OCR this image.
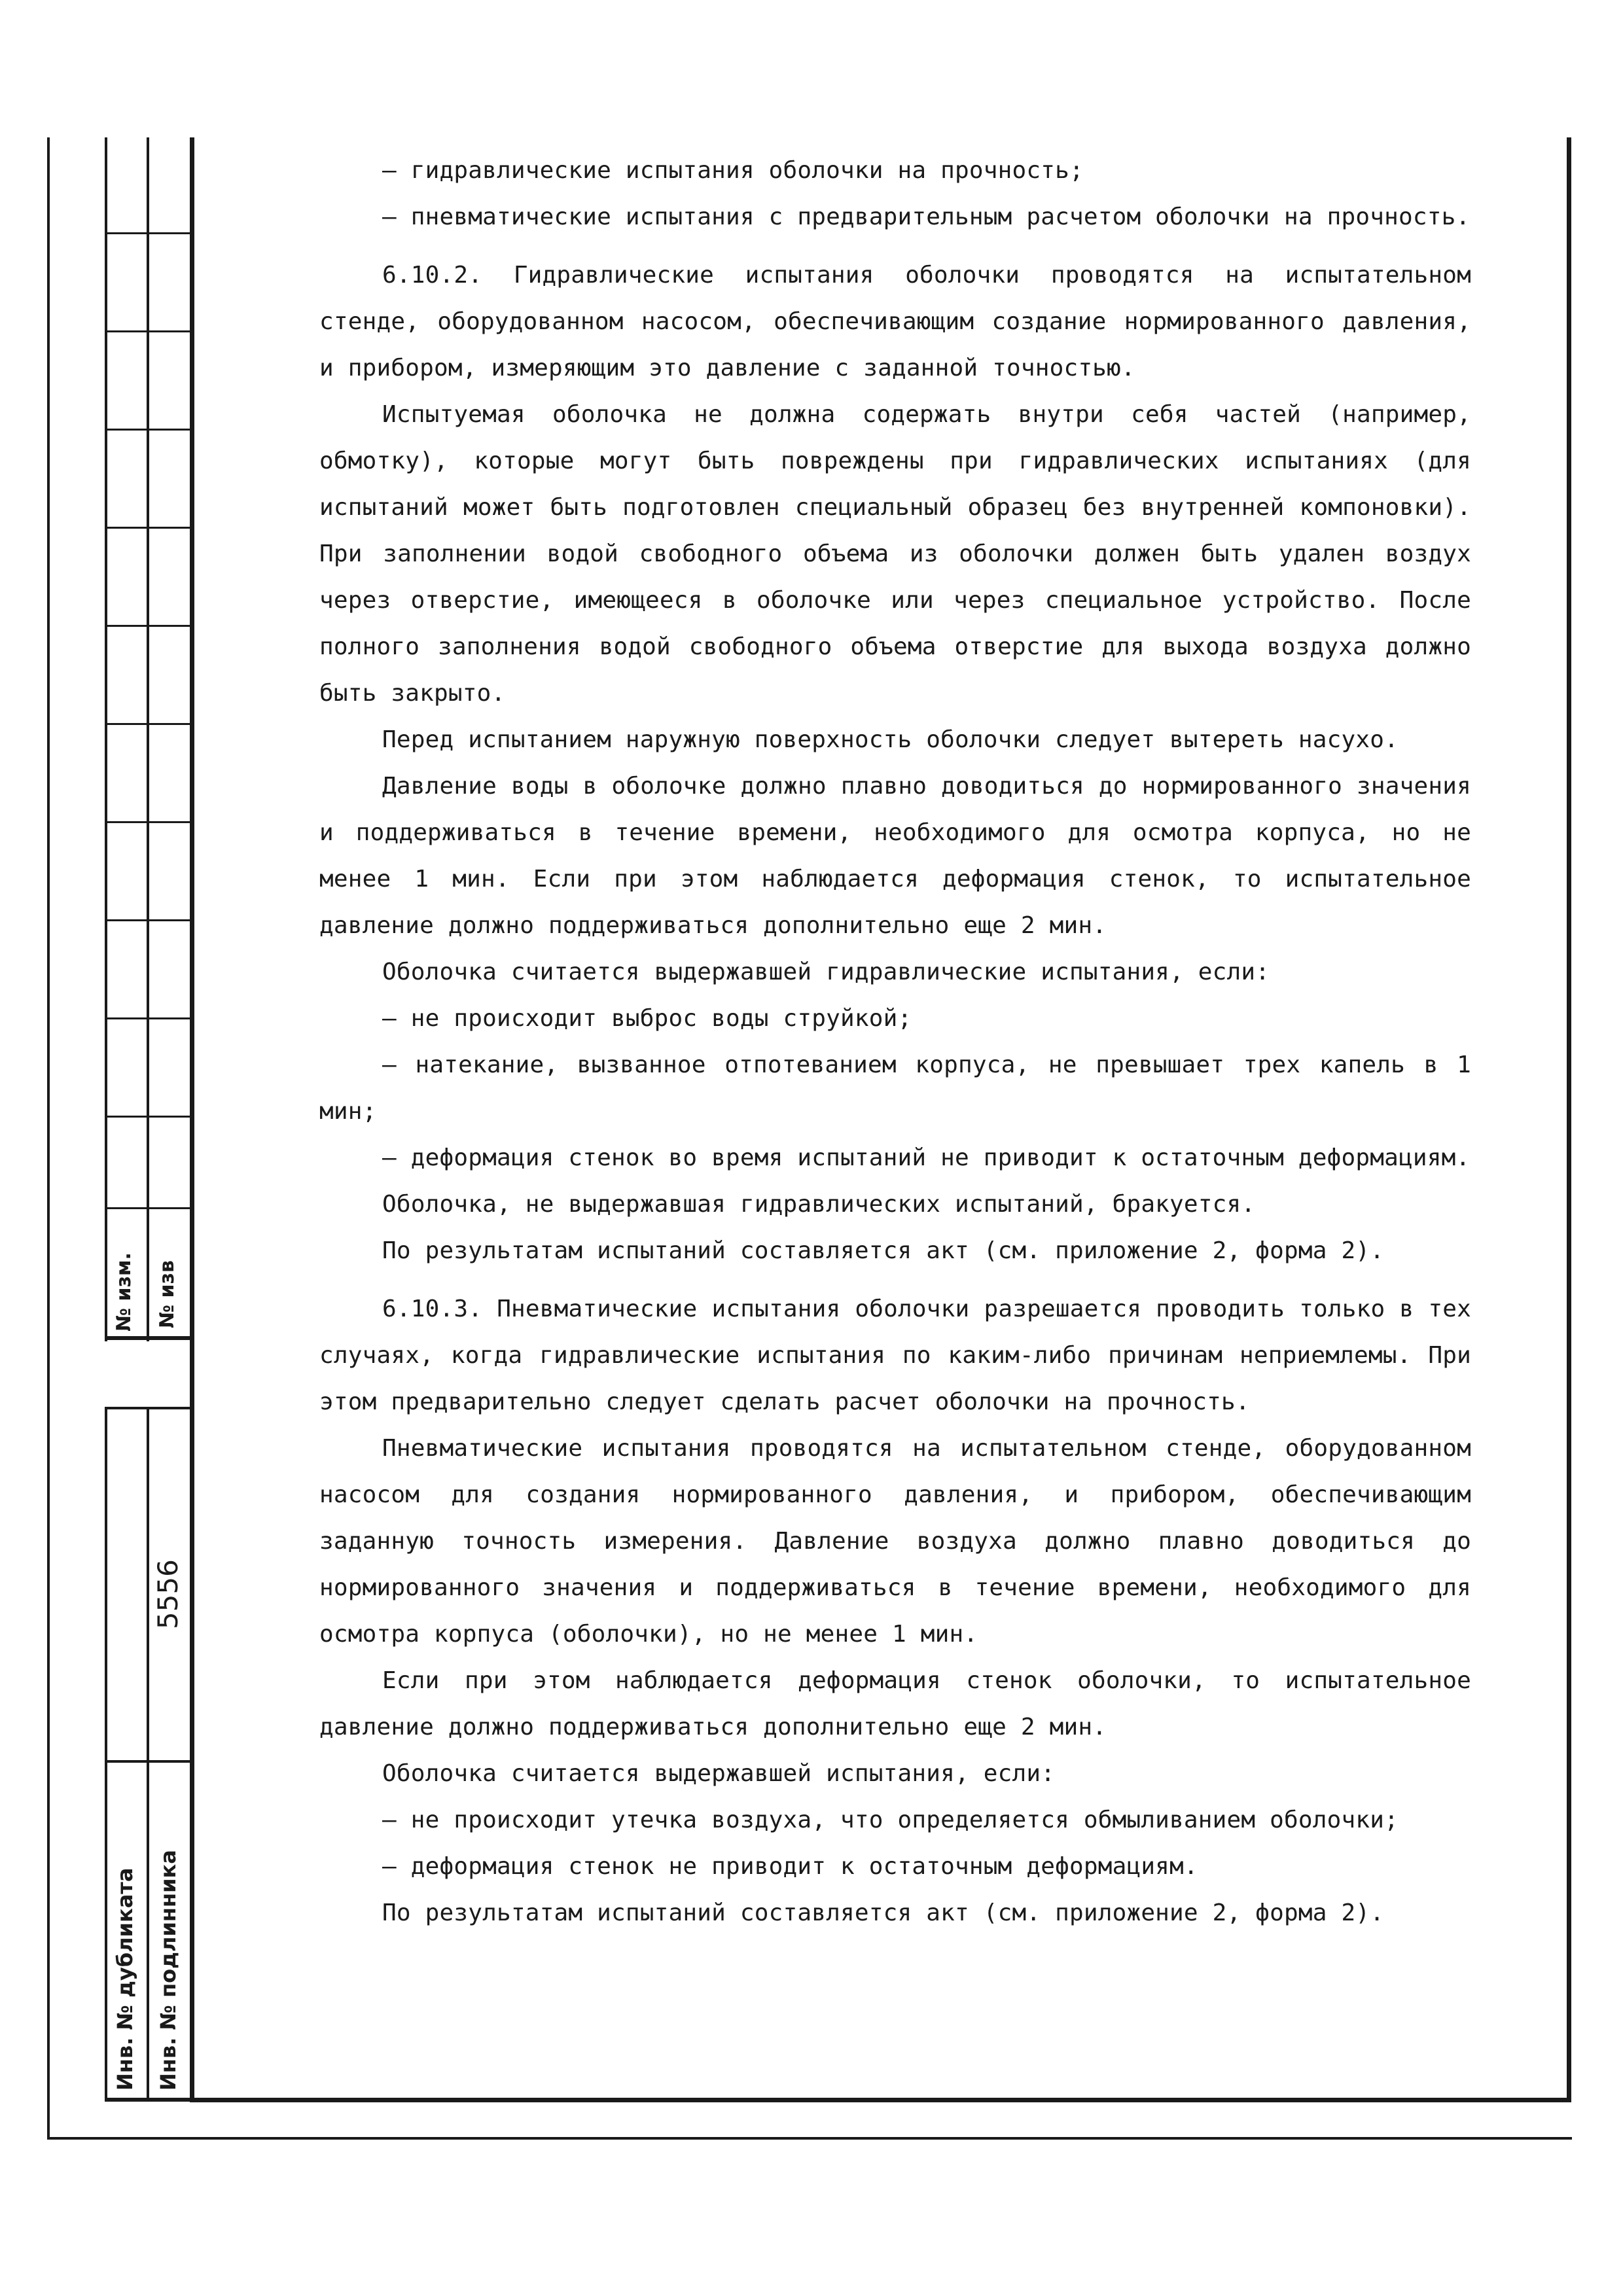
№ изм. № изв
Инв. № дубликата Инв. № подлинника
5556

– гидравлические испытания оболочки на прочность;

– пневматические испытания с предварительным расчетом оболочки на прочность.

6.10.2. Гидравлические испытания оболочки проводятся на испытательном стенде, оборудованном насосом, обеспечивающим создание нормированного давления, и прибором, измеряющим это давление с заданной точностью.

Испытуемая оболочка не должна содержать внутри себя частей (например, обмотку), которые могут быть повреждены при гидравлических испытаниях (для испытаний может быть подготовлен специальный образец без внутренней компоновки). При заполнении водой свободного объема из оболочки должен быть удален воздух через отверстие, имеющееся в оболочке или через специальное устройство. После полного заполнения водой свободного объема отверстие для выхода воздуха должно быть закрыто.

Перед испытанием наружную поверхность оболочки следует вытереть насухо.

Давление воды в оболочке должно плавно доводиться до нормированного значения и поддерживаться в течение времени, необходимого для осмотра корпуса, но не менее 1 мин. Если при этом наблюдается деформация стенок, то испытательное давление должно поддерживаться дополнительно еще 2 мин.

Оболочка считается выдержавшей гидравлические испытания, если:

– не происходит выброс воды струйкой;

– натекание, вызванное отпотеванием корпуса, не превышает трех капель в 1 мин;

– деформация стенок во время испытаний не приводит к остаточным деформациям.

Оболочка, не выдержавшая гидравлических испытаний, бракуется.

По результатам испытаний составляется акт (см. приложение 2, форма 2).

6.10.3. Пневматические испытания оболочки разрешается проводить только в тех случаях, когда гидравлические испытания по каким-либо причинам неприемлемы. При этом предварительно следует сделать расчет оболочки на прочность.

Пневматические испытания проводятся на испытательном стенде, оборудованном насосом для создания нормированного давления, и прибором, обеспечивающим заданную точность измерения. Давление воздуха должно плавно доводиться до нормированного значения и поддерживаться в течение времени, необходимого для осмотра корпуса (оболочки), но не менее 1 мин.

Если при этом наблюдается деформация стенок оболочки, то испытательное давление должно поддерживаться дополнительно еще 2 мин.

Оболочка считается выдержавшей испытания, если:

– не происходит утечка воздуха, что определяется обмыливанием оболочки;

– деформация стенок не приводит к остаточным деформациям.

По результатам испытаний составляется акт (см. приложение 2, форма 2).
